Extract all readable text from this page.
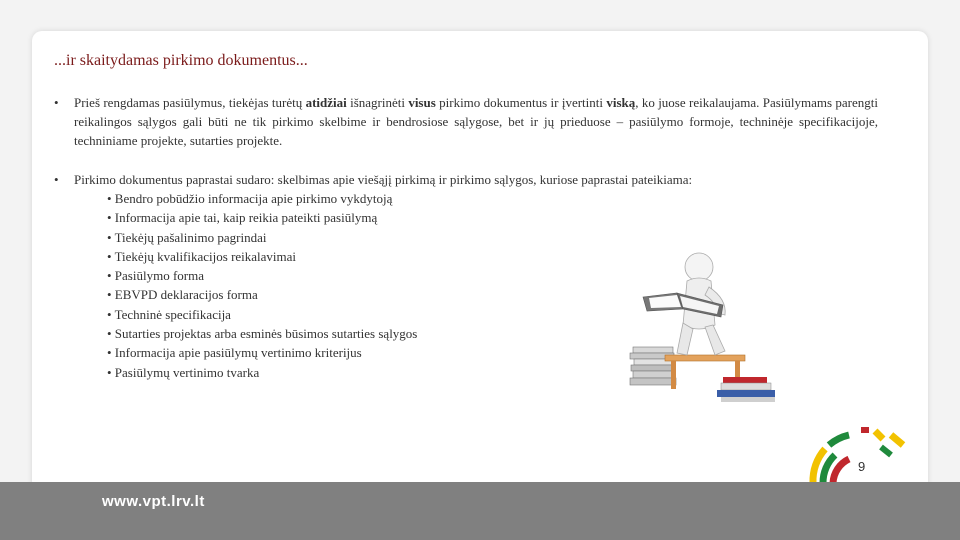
...ir skaitydamas pirkimo dokumentus...
• Prieš rengdamas pasiūlymus, tiekėjas turėtų atidžiai išnagrinėti visus pirkimo dokumentus ir įvertinti viską, ko juose reikalaujama. Pasiūlymams parengti reikalingos sąlygos gali būti ne tik pirkimo skelbime ir bendrosiose sąlygose, bet ir jų prieduose – pasiūlymo formoje, techninėje specifikacijoje, techniniame projekte, sutarties projekte.
• Pirkimo dokumentus paprastai sudaro: skelbimas apie viešąjį pirkimą ir pirkimo sąlygos, kuriose paprastai pateikiama:
• Bendro pobūdžio informacija apie pirkimo vykdytoją
• Informacija apie tai, kaip reikia pateikti pasiūlymą
• Tiekėjų pašalinimo pagrindai
• Tiekėjų kvalifikacijos reikalavimai
• Pasiūlymo forma
• EBVPD deklaracijos forma
• Techninė specifikacija
• Sutarties projektas arba esminės būsimos sutarties sąlygos
• Informacija apie pasiūlymų vertinimo kriterijus
• Pasiūlymų vertinimo tvarka
9
www.vpt.lrv.lt
